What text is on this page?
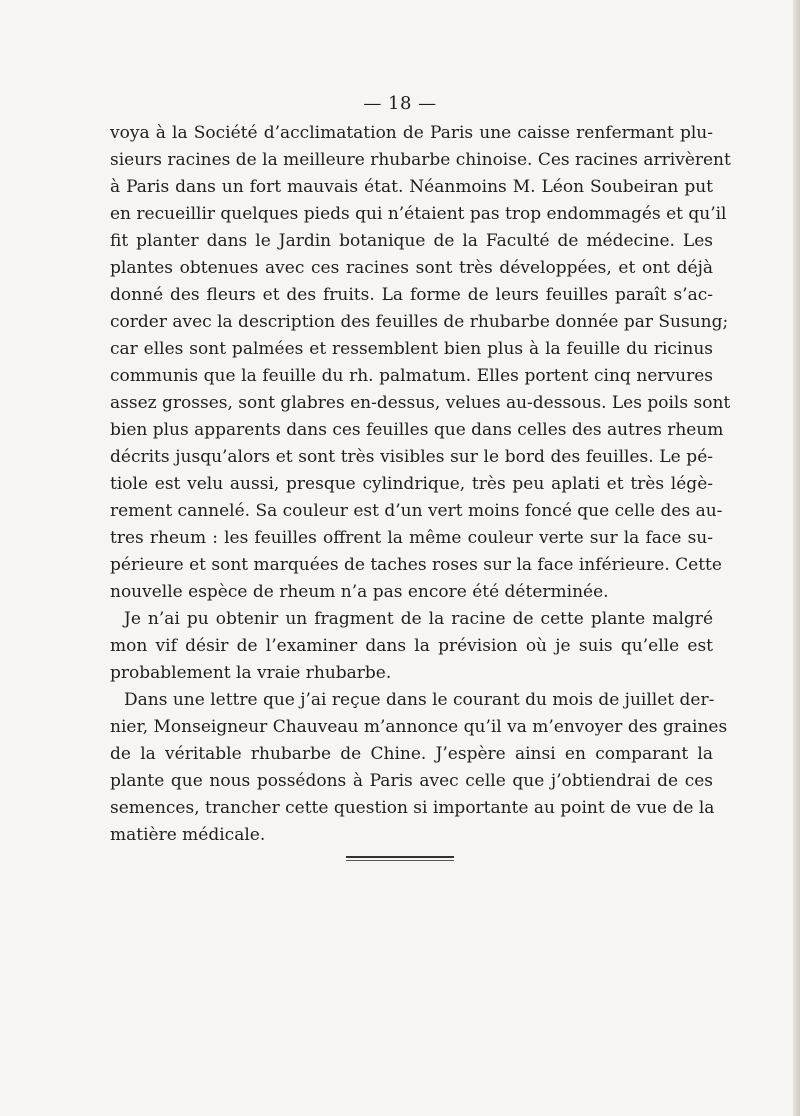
— 18 —
voya à la Société d’acclimatation de Paris une caisse renfermant plu-
sieurs racines de la meilleure rhubarbe chinoise. Ces racines arrivèrent
à Paris dans un fort mauvais état. Néanmoins M. Léon Soubeiran put
en recueillir quelques pieds qui n’étaient pas trop endommagés et qu’il
fit planter dans le Jardin botanique de la Faculté de médecine. Les
plantes obtenues avec ces racines sont très développées, et ont déjà
donné des fleurs et des fruits. La forme de leurs feuilles paraît s’ac-
corder avec la description des feuilles de rhubarbe donnée par Susung;
car elles sont palmées et ressemblent bien plus à la feuille du ricinus
communis que la feuille du rh. palmatum. Elles portent cinq nervures
assez grosses, sont glabres en-dessus, velues au-dessous. Les poils sont
bien plus apparents dans ces feuilles que dans celles des autres rheum
décrits jusqu’alors et sont très visibles sur le bord des feuilles. Le pé-
tiole est velu aussi, presque cylindrique, très peu aplati et très légè-
rement cannelé. Sa couleur est d’un vert moins foncé que celle des au-
tres rheum : les feuilles offrent la même couleur verte sur la face su-
périeure et sont marquées de taches roses sur la face inférieure. Cette
nouvelle espèce de rheum n’a pas encore été déterminée.
Je n’ai pu obtenir un fragment de la racine de cette plante malgré
mon vif désir de l’examiner dans la prévision où je suis qu’elle est
probablement la vraie rhubarbe.
Dans une lettre que j’ai reçue dans le courant du mois de juillet der-
nier, Monseigneur Chauveau m’annonce qu’il va m’envoyer des graines
de la véritable rhubarbe de Chine. J’espère ainsi en comparant la
plante que nous possédons à Paris avec celle que j’obtiendrai de ces
semences, trancher cette question si importante au point de vue de la
matière médicale.
